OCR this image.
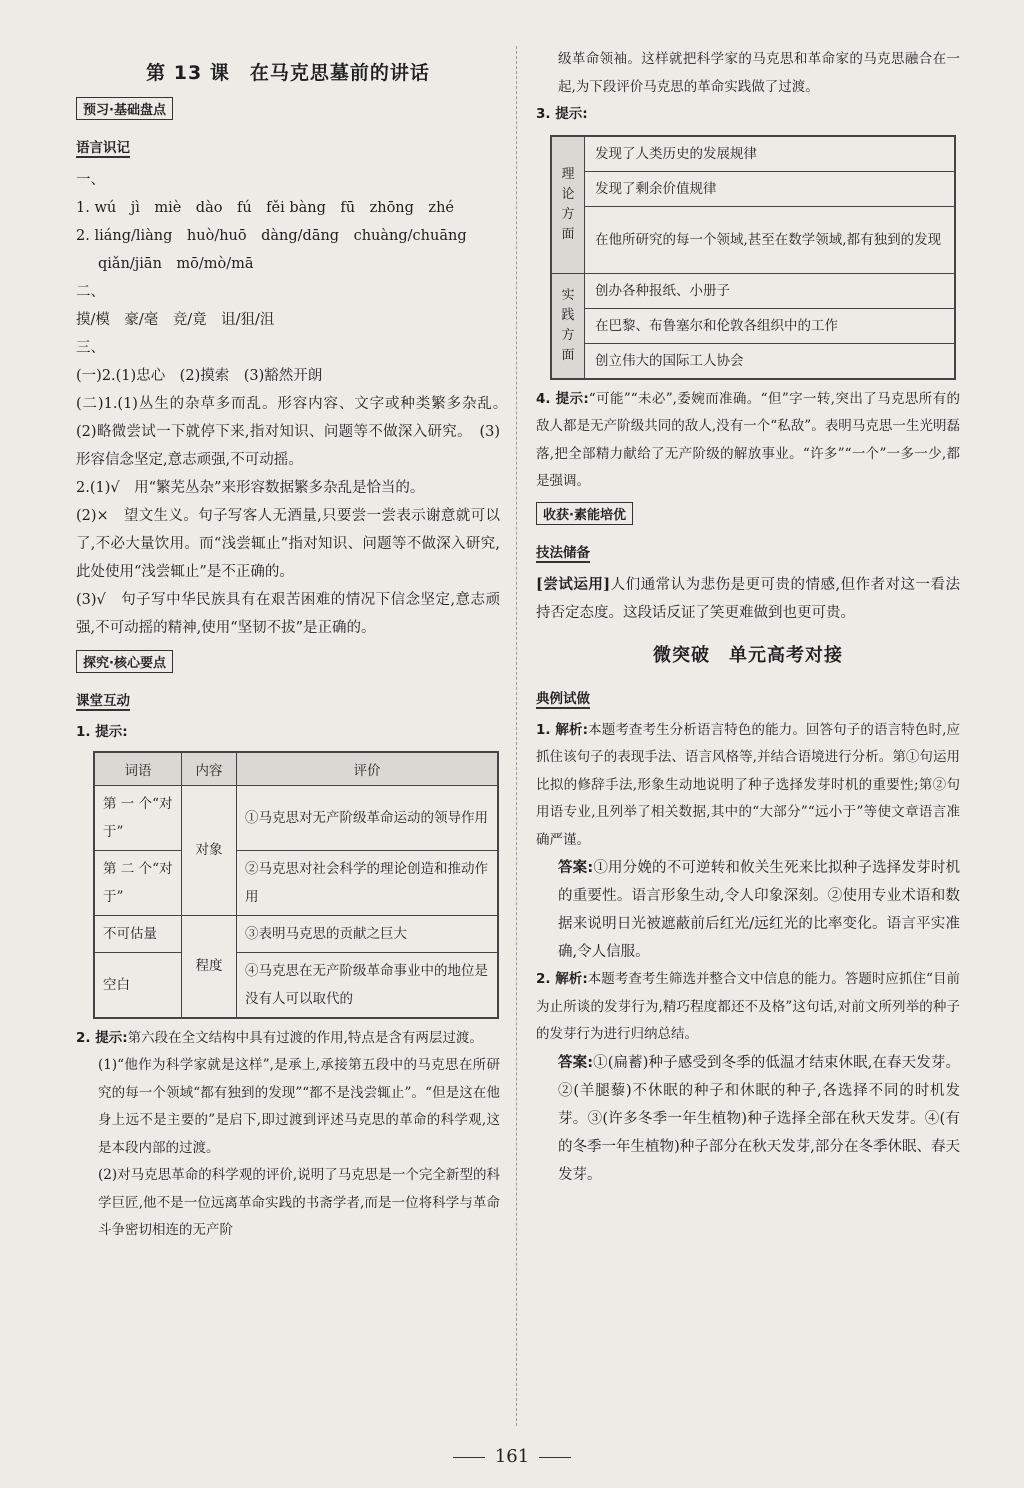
第 13 课　在马克思墓前的讲话
预习·基础盘点
语言识记

一、

1. wú　jì　miè　dào　fú　fěi bàng　fū　zhōng　zhé

2. liáng/liàng　huò/huō　dàng/dāng　chuàng/chuāng

qiǎn/jiān　mō/mò/mā

二、

摸/模　豪/毫　竞/竟　诅/狙/沮

三、

(一)2.(1)忠心　(2)摸索　(3)豁然开朗

(二)1.(1)丛生的杂草多而乱。形容内容、文字或种类繁多杂乱。　(2)略微尝试一下就停下来,指对知识、问题等不做深入研究。　(3)形容信念坚定,意志顽强,不可动摇。

2.(1)√　用“繁芜丛杂”来形容数据繁多杂乱是恰当的。

(2)×　望文生义。句子写客人无酒量,只要尝一尝表示谢意就可以了,不必大量饮用。而“浅尝辄止”指对知识、问题等不做深入研究,此处使用“浅尝辄止”是不正确的。

(3)√　句子写中华民族具有在艰苦困难的情况下信念坚定,意志顽强,不可动摇的精神,使用“坚韧不拔”是正确的。

探究·核心要点
课堂互动

1. 提示:

词语	内容	评价
第 一 个“对于”	对象	①马克思对无产阶级革命运动的领导作用
第 二 个“对于”		②马克思对社会科学的理论创造和推动作用
不可估量	程度	③表明马克思的贡献之巨大
空白		④马克思在无产阶级革命事业中的地位是没有人可以取代的

2. 提示:第六段在全文结构中具有过渡的作用,特点是含有两层过渡。

(1)“他作为科学家就是这样”,是承上,承接第五段中的马克思在所研究的每一个领域“都有独到的发现”“都不是浅尝辄止”。“但是这在他身上远不是主要的”是启下,即过渡到评述马克思的革命的科学观,这是本段内部的过渡。

(2)对马克思革命的科学观的评价,说明了马克思是一个完全新型的科学巨匠,他不是一位远离革命实践的书斋学者,而是一位将科学与革命斗争密切相连的无产阶

级革命领袖。这样就把科学家的马克思和革命家的马克思融合在一起,为下段评价马克思的革命实践做了过渡。

3. 提示:

理论方面	发现了人类历史的发展规律
	发现了剩余价值规律
	在他所研究的每一个领域,甚至在数学领域,都有独到的发现
实践方面	创办各种报纸、小册子
	在巴黎、布鲁塞尔和伦敦各组织中的工作
	创立伟大的国际工人协会

4. 提示:“可能”“未必”,委婉而准确。“但”字一转,突出了马克思所有的敌人都是无产阶级共同的敌人,没有一个“私敌”。表明马克思一生光明磊落,把全部精力献给了无产阶级的解放事业。“许多”“一个”一多一少,都是强调。

收获·素能培优
技法储备

[尝试运用]人们通常认为悲伤是更可贵的情感,但作者对这一看法持否定态度。这段话反证了笑更难做到也更可贵。

微突破　单元高考对接
典例试做

1. 解析:本题考查考生分析语言特色的能力。回答句子的语言特色时,应抓住该句子的表现手法、语言风格等,并结合语境进行分析。第①句运用比拟的修辞手法,形象生动地说明了种子选择发芽时机的重要性;第②句用语专业,且列举了相关数据,其中的“大部分”“远小于”等使文章语言准确严谨。

答案:①用分娩的不可逆转和攸关生死来比拟种子选择发芽时机的重要性。语言形象生动,令人印象深刻。②使用专业术语和数据来说明日光被遮蔽前后红光/远红光的比率变化。语言平实准确,令人信服。

2. 解析:本题考查考生筛选并整合文中信息的能力。答题时应抓住“目前为止所谈的发芽行为,精巧程度都还不及格”这句话,对前文所列举的种子的发芽行为进行归纳总结。

答案:①(扁蓄)种子感受到冬季的低温才结束休眠,在春天发芽。②(羊腿藜)不休眠的种子和休眠的种子,各选择不同的时机发芽。③(许多冬季一年生植物)种子选择全部在秋天发芽。④(有的冬季一年生植物)种子部分在秋天发芽,部分在冬季休眠、春天发芽。

161
